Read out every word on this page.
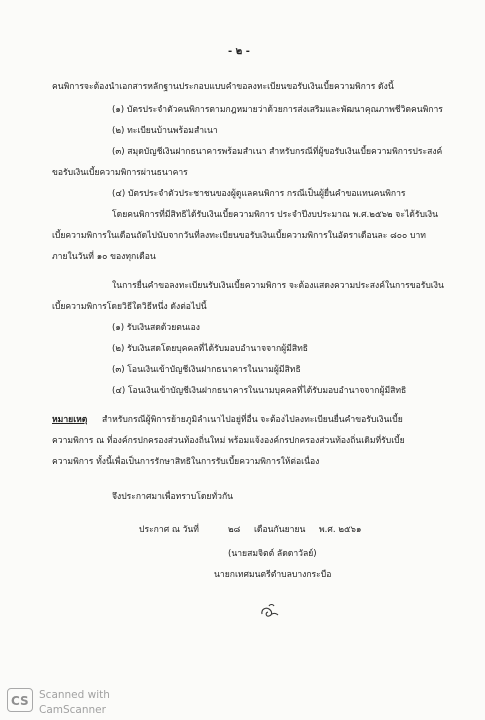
- ๒ -
คนพิการจะต้องนำเอกสารหลักฐานประกอบแบบคำขอลงทะเบียนขอรับเงินเบี้ยความพิการ ดังนี้
(๑) บัตรประจำตัวคนพิการตามกฎหมายว่าด้วยการส่งเสริมและพัฒนาคุณภาพชีวิตคนพิการ
(๒) ทะเบียนบ้านพร้อมสำเนา
(๓) สมุดบัญชีเงินฝากธนาคารพร้อมสำเนา สำหรับกรณีที่ผู้ขอรับเงินเบี้ยความพิการประสงค์
ขอรับเงินเบี้ยความพิการผ่านธนาคาร
(๔) บัตรประจำตัวประชาชนของผู้ดูแลคนพิการ กรณีเป็นผู้ยื่นคำขอแทนคนพิการ
โดยคนพิการที่มีสิทธิได้รับเงินเบี้ยความพิการ ประจำปีงบประมาณ พ.ศ.๒๕๖๒ จะได้รับเงิน
เบี้ยความพิการในเดือนถัดไปนับจากวันที่ลงทะเบียนขอรับเงินเบี้ยความพิการในอัตราเดือนละ ๘๐๐ บาท
ภายในวันที่ ๑๐ ของทุกเดือน
ในการยื่นคำขอลงทะเบียนรับเงินเบี้ยความพิการ จะต้องแสดงความประสงค์ในการขอรับเงิน
เบี้ยความพิการโดยวิธีใดวิธีหนึ่ง ดังต่อไปนี้
(๑) รับเงินสดด้วยตนเอง
(๒) รับเงินสดโดยบุคคลที่ได้รับมอบอำนาจจากผู้มีสิทธิ
(๓) โอนเงินเข้าบัญชีเงินฝากธนาคารในนามผู้มีสิทธิ
(๔) โอนเงินเข้าบัญชีเงินฝากธนาคารในนามบุคคลที่ได้รับมอบอำนาจจากผู้มีสิทธิ
หมายเหตุ สำหรับกรณีผู้พิการย้ายภูมิลำเนาไปอยู่ที่อื่น จะต้องไปลงทะเบียนยื่นคำขอรับเงินเบี้ย
ความพิการ ณ ที่องค์กรปกครองส่วนท้องถิ่นใหม่ พร้อมแจ้งองค์กรปกครองส่วนท้องถิ่นเดิมที่รับเบี้ย
ความพิการ ทั้งนี้เพื่อเป็นการรักษาสิทธิในการรับเบี้ยความพิการให้ต่อเนื่อง
จึงประกาศมาเพื่อทราบโดยทั่วกัน
ประกาศ ณ วันที่	๒๘ เดือนกันยายน พ.ศ. ๒๕๖๑
(นายสมจิตต์ ลัดดาวัลย์)
นายกเทศมนตรีตำบลบางกระบือ
CS Scanned with
CamScanner
